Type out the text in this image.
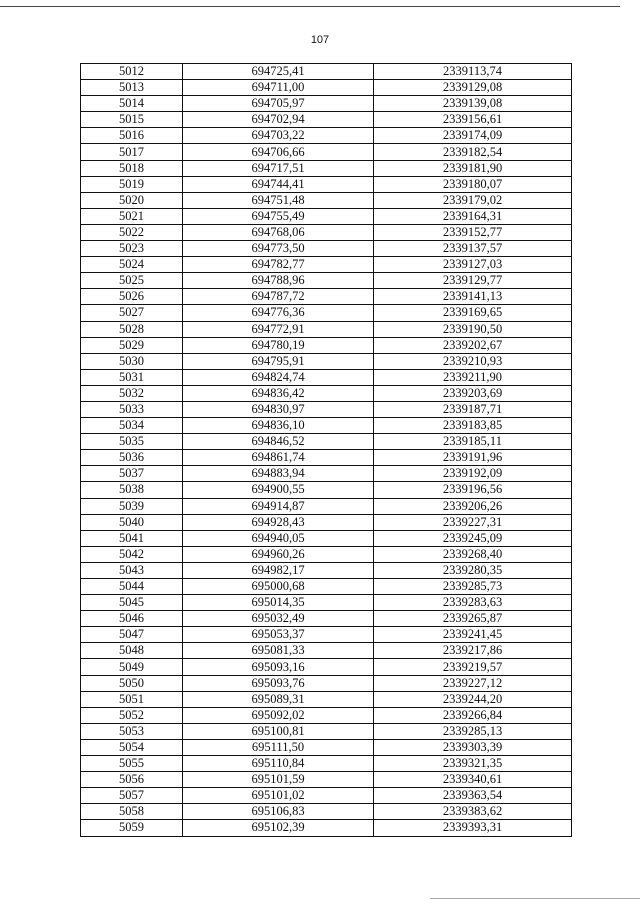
107
5012	694725,41	2339113,74
5013	694711,00	2339129,08
5014	694705,97	2339139,08
5015	694702,94	2339156,61
5016	694703,22	2339174,09
5017	694706,66	2339182,54
5018	694717,51	2339181,90
5019	694744,41	2339180,07
5020	694751,48	2339179,02
5021	694755,49	2339164,31
5022	694768,06	2339152,77
5023	694773,50	2339137,57
5024	694782,77	2339127,03
5025	694788,96	2339129,77
5026	694787,72	2339141,13
5027	694776,36	2339169,65
5028	694772,91	2339190,50
5029	694780,19	2339202,67
5030	694795,91	2339210,93
5031	694824,74	2339211,90
5032	694836,42	2339203,69
5033	694830,97	2339187,71
5034	694836,10	2339183,85
5035	694846,52	2339185,11
5036	694861,74	2339191,96
5037	694883,94	2339192,09
5038	694900,55	2339196,56
5039	694914,87	2339206,26
5040	694928,43	2339227,31
5041	694940,05	2339245,09
5042	694960,26	2339268,40
5043	694982,17	2339280,35
5044	695000,68	2339285,73
5045	695014,35	2339283,63
5046	695032,49	2339265,87
5047	695053,37	2339241,45
5048	695081,33	2339217,86
5049	695093,16	2339219,57
5050	695093,76	2339227,12
5051	695089,31	2339244,20
5052	695092,02	2339266,84
5053	695100,81	2339285,13
5054	695111,50	2339303,39
5055	695110,84	2339321,35
5056	695101,59	2339340,61
5057	695101,02	2339363,54
5058	695106,83	2339383,62
5059	695102,39	2339393,31
